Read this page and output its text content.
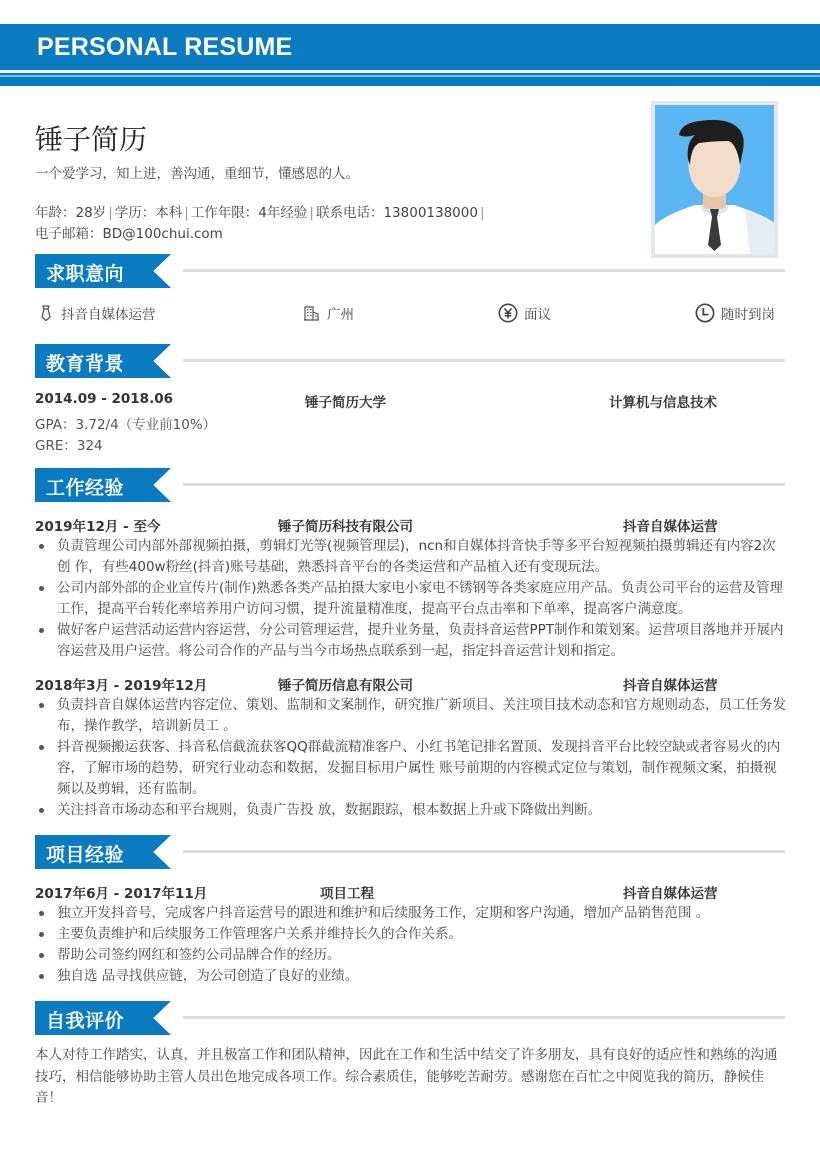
PERSONAL RESUME
锤子简历
一个爱学习，知上进，善沟通，重细节，懂感恩的人。
年龄：28岁 | 学历：本科 | 工作年限：4年经验 | 联系电话：13800138000 |
电子邮箱：BD@100chui.com
求职意向
抖音自媒体运营	广州	面议	随时到岗
教育背景
2014.09 - 2018.06	锤子简历大学	计算机与信息技术
GPA：3.72/4（专业前10%）
GRE：324
工作经验
2019年12月 - 至今	锤子简历科技有限公司	抖音自媒体运营
负责管理公司内部外部视频拍摄，剪辑灯光等(视频管理层)，ncn和自媒体抖音快手等多平台短视频拍摄剪辑还有内容2次创 作，有些400w粉丝(抖音)账号基础，熟悉抖音平台的各类运营和产品植入还有变现玩法。
公司内部外部的企业宣传片(制作)熟悉各类产品拍摄大家电小家电不锈钢等各类家庭应用产品。负责公司平台的运营及管理 工作，提高平台转化率培养用户访问习惯，提升流量精准度，提高平台点击率和下单率，提高客户满意度。
做好客户运营活动运营内容运营，分公司管理运营，提升业务量，负责抖音运营PPT制作和策划案。运营项目落地并开展内 容运营及用户运营。将公司合作的产品与当今市场热点联系到一起，指定抖音运营计划和指定。
2018年3月 - 2019年12月	锤子简历信息有限公司	抖音自媒体运营
负责抖音自媒体运营内容定位、策划、监制和文案制作，研究推广新项目、关注项目技术动态和官方规则动态，员工任务发 布，操作教学，培训新员工 。
抖音视频搬运获客、抖音私信截流获客QQ群截流精准客户、小红书笔记排名置顶、发现抖音平台比较空缺或者容易火的内 容，了解市场的趋势，研究行业动态和数据，发掘目标用户属性 账号前期的内容模式定位与策划，制作视频文案，拍摄视频以及剪辑，还有监制。
关注抖音市场动态和平台规则，负责广告投 放，数据跟踪，根本数据上升或下降做出判断。
项目经验
2017年6月 - 2017年11月	项目工程	抖音自媒体运营
独立开发抖音号，完成客户抖音运营号的跟进和维护和后续服务工作，定期和客户沟通，增加产品销售范围 。
主要负责维护和后续服务工作管理客户关系并维持长久的合作关系。
帮助公司签约网红和签约公司品牌合作的经历。
独自选 品寻找供应链，为公司创造了良好的业绩。
自我评价
本人对待工作踏实，认真，并且极富工作和团队精神，因此在工作和生活中结交了许多朋友，具有良好的适应性和熟练的沟通技巧，相信能够协助主管人员出色地完成各项工作。综合素质佳，能够吃苦耐劳。感谢您在百忙之中阅览我的简历，静候佳音！
